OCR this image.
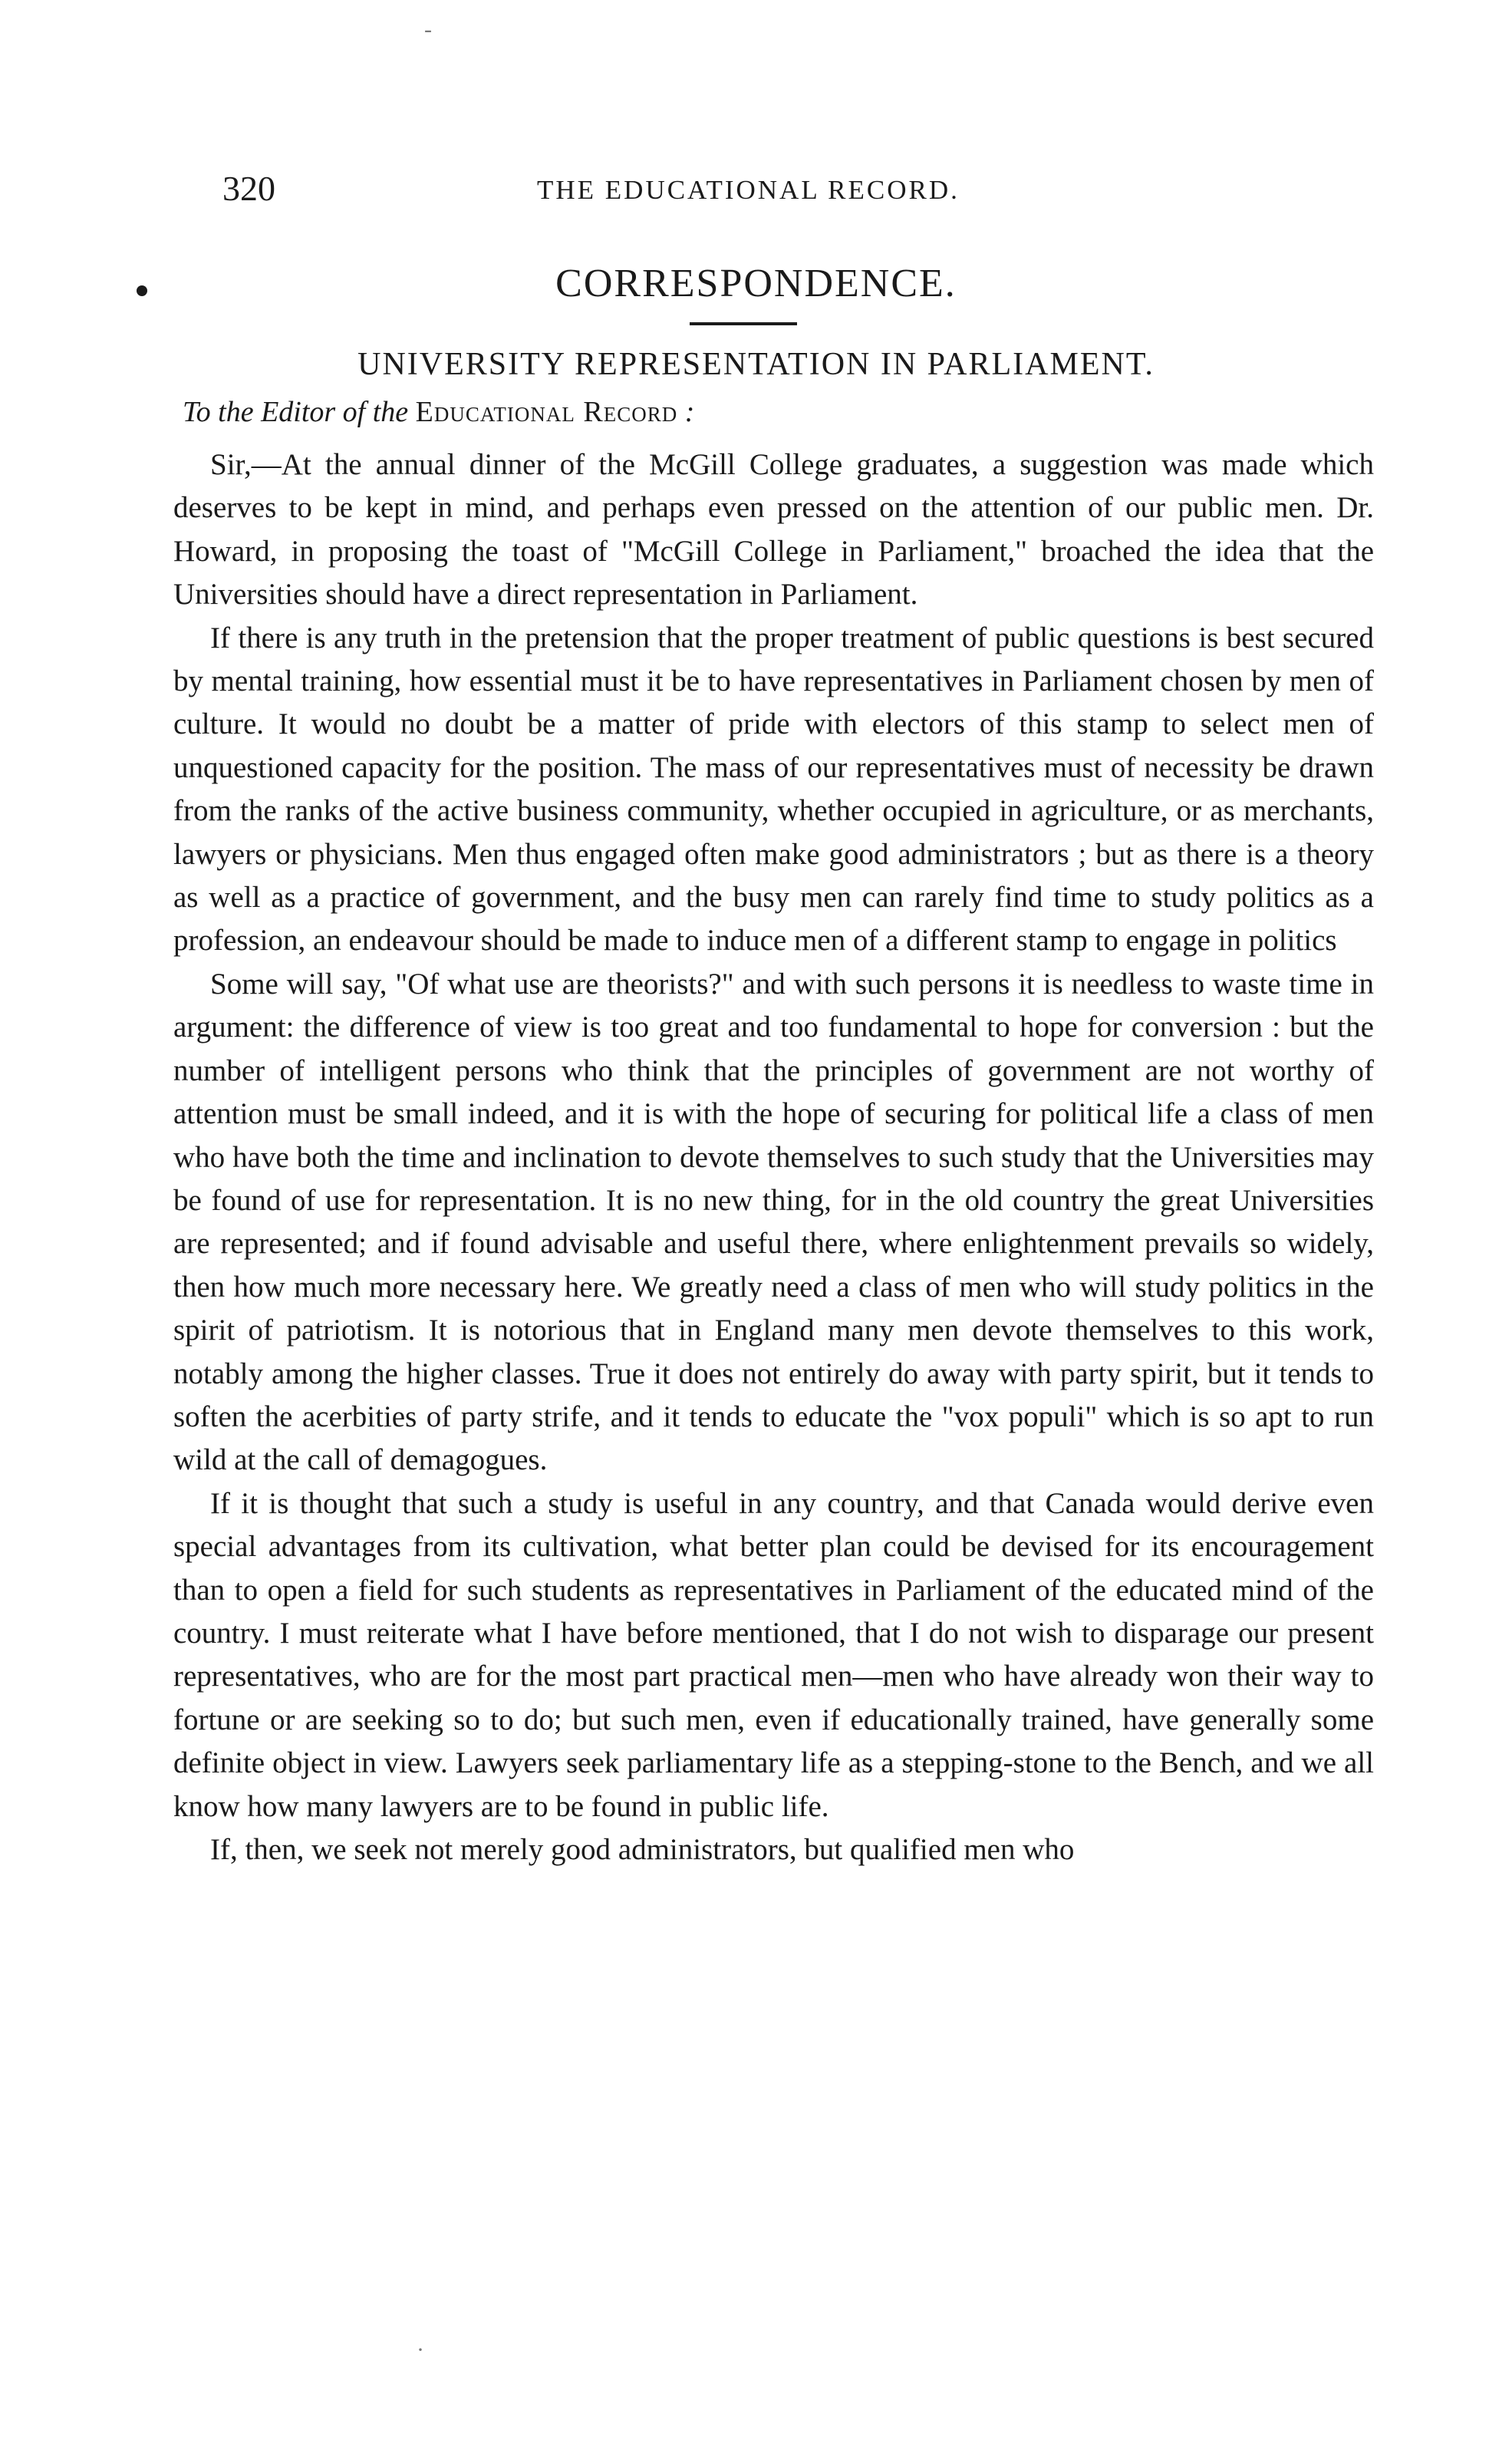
-
320	THE EDUCATIONAL RECORD.
CORRESPONDENCE.
UNIVERSITY REPRESENTATION IN PARLIAMENT.
To the Editor of the Educational Record :

Sir,—At the annual dinner of the McGill College graduates, a suggestion was made which deserves to be kept in mind, and perhaps even pressed on the attention of our public men. Dr. Howard, in proposing the toast of "McGill College in Parliament," broached the idea that the Universities should have a direct representation in Parliament.

If there is any truth in the pretension that the proper treatment of public questions is best secured by mental training, how essential must it be to have representatives in Parliament chosen by men of culture. It would no doubt be a matter of pride with electors of this stamp to select men of unquestioned capacity for the position. The mass of our representatives must of necessity be drawn from the ranks of the active business community, whether occupied in agriculture, or as merchants, lawyers or physicians. Men thus engaged often make good administrators ; but as there is a theory as well as a practice of government, and the busy men can rarely find time to study politics as a profession, an endeavour should be made to induce men of a different stamp to engage in politics

Some will say, "Of what use are theorists?" and with such persons it is needless to waste time in argument: the difference of view is too great and too fundamental to hope for conversion : but the number of intelligent persons who think that the principles of government are not worthy of attention must be small indeed, and it is with the hope of securing for political life a class of men who have both the time and inclination to devote themselves to such study that the Universities may be found of use for representation. It is no new thing, for in the old country the great Universities are represented; and if found advisable and useful there, where enlightenment prevails so widely, then how much more necessary here. We greatly need a class of men who will study politics in the spirit of patriotism. It is notorious that in England many men devote themselves to this work, notably among the higher classes. True it does not entirely do away with party spirit, but it tends to soften the acerbities of party strife, and it tends to educate the "vox populi" which is so apt to run wild at the call of demagogues.

If it is thought that such a study is useful in any country, and that Canada would derive even special advantages from its cultivation, what better plan could be devised for its encouragement than to open a field for such students as representatives in Parliament of the educated mind of the country. I must reiterate what I have before mentioned, that I do not wish to disparage our present representatives, who are for the most part practical men—men who have already won their way to fortune or are seeking so to do; but such men, even if educationally trained, have generally some definite object in view. Lawyers seek parliamentary life as a stepping-stone to the Bench, and we all know how many lawyers are to be found in public life.

If, then, we seek not merely good administrators, but qualified men who

·
